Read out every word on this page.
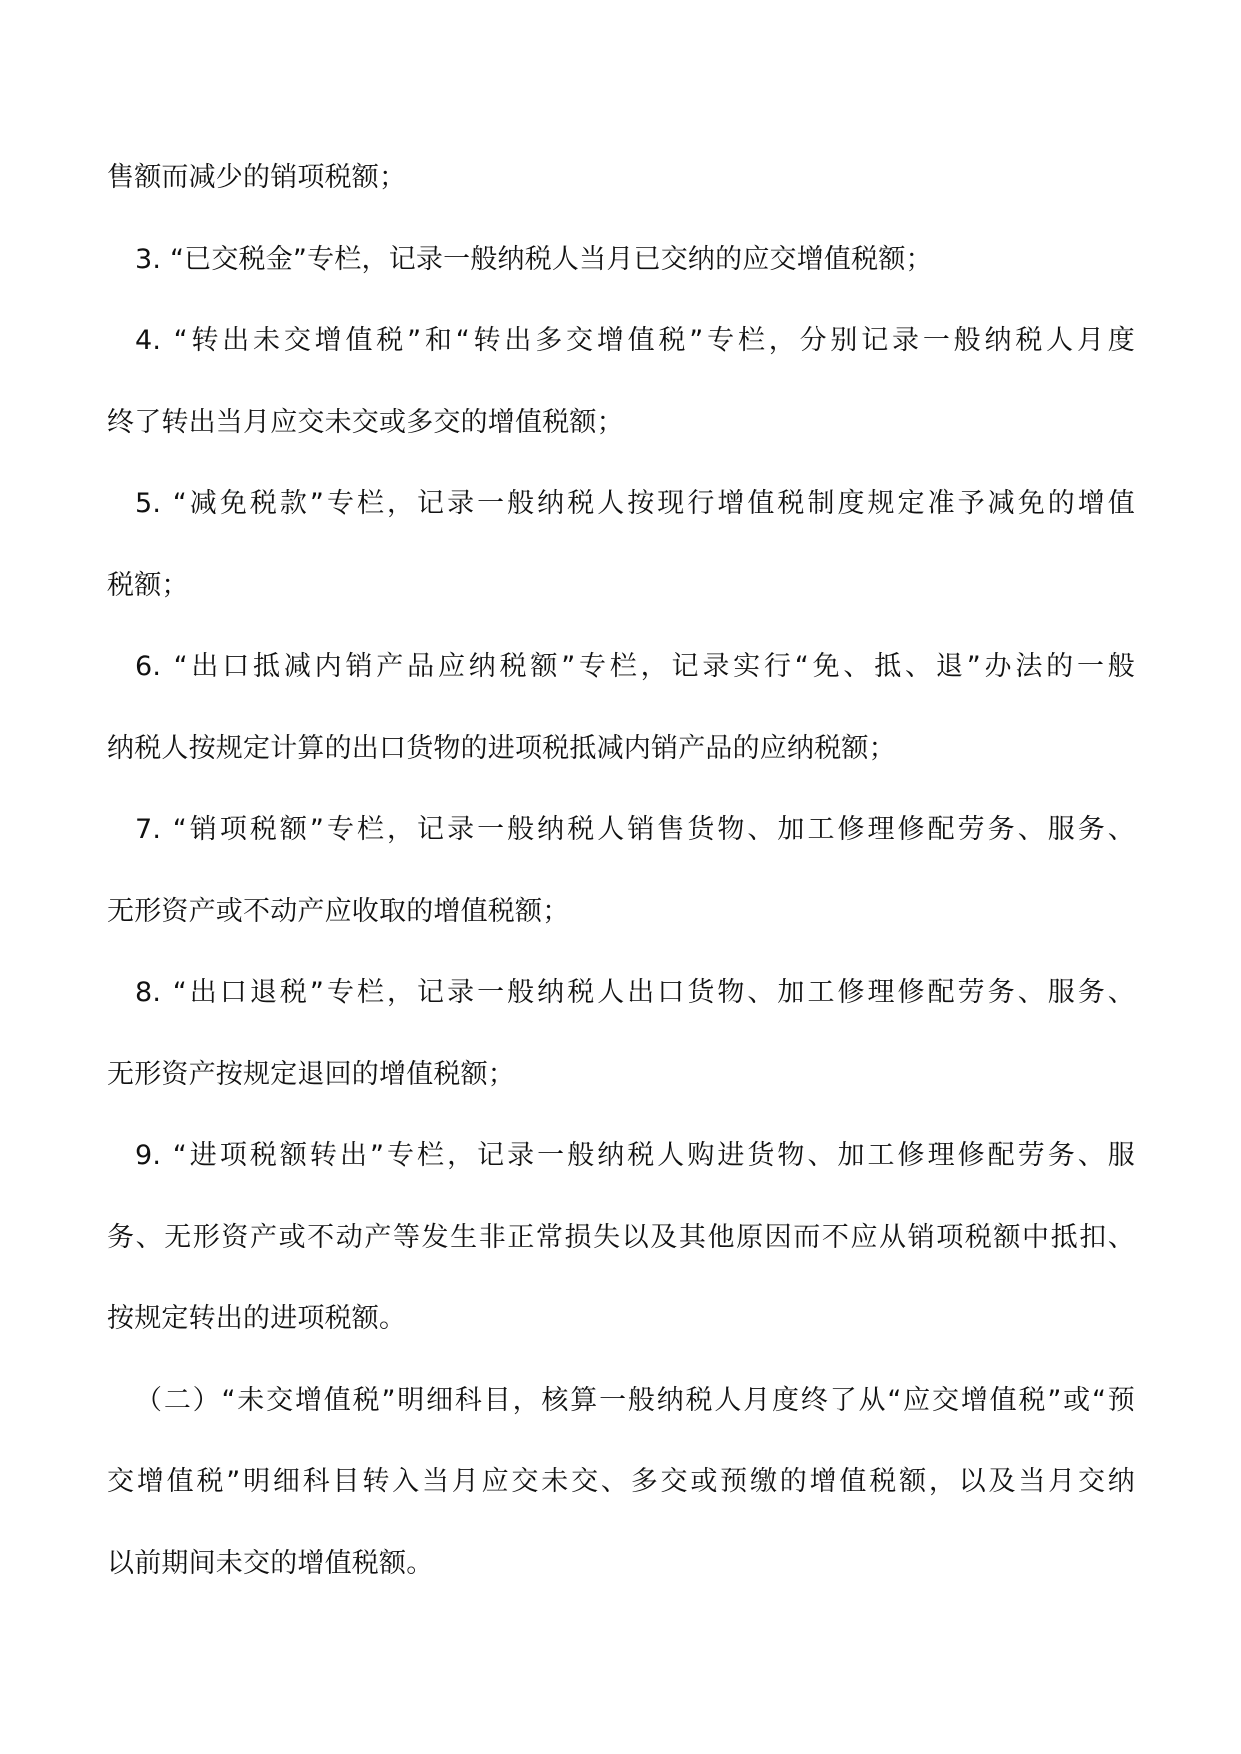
售额而减少的销项税额；
3. “已交税金”专栏，记录一般纳税人当月已交纳的应交增值税额；
4. “转出未交增值税”和“转出多交增值税”专栏，分别记录一般纳税人月度
终了转出当月应交未交或多交的增值税额；
5. “减免税款”专栏，记录一般纳税人按现行增值税制度规定准予减免的增值
税额；
6. “出口抵减内销产品应纳税额”专栏，记录实行“免、抵、退”办法的一般
纳税人按规定计算的出口货物的进项税抵减内销产品的应纳税额；
7. “销项税额”专栏，记录一般纳税人销售货物、加工修理修配劳务、服务、
无形资产或不动产应收取的增值税额；
8. “出口退税”专栏，记录一般纳税人出口货物、加工修理修配劳务、服务、
无形资产按规定退回的增值税额；
9. “进项税额转出”专栏，记录一般纳税人购进货物、加工修理修配劳务、服
务、无形资产或不动产等发生非正常损失以及其他原因而不应从销项税额中抵扣、
按规定转出的进项税额。
（二）“未交增值税”明细科目，核算一般纳税人月度终了从“应交增值税”或“预
交增值税”明细科目转入当月应交未交、多交或预缴的增值税额，以及当月交纳
以前期间未交的增值税额。
